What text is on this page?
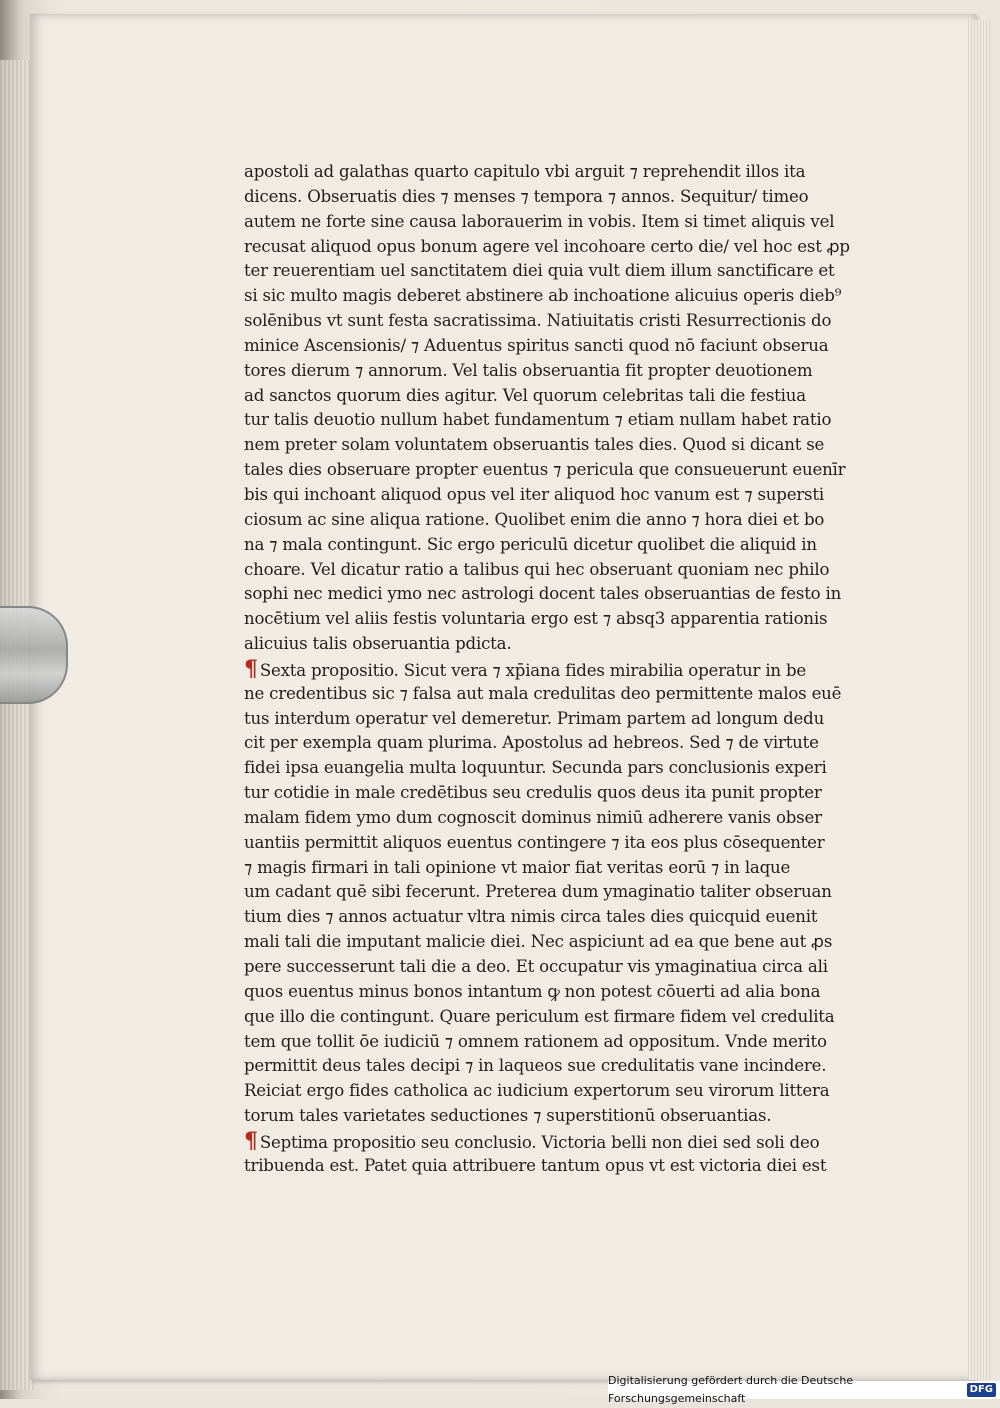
apostoli ad galathas quarto capitulo vbi arguit ⁊ reprehendit illos ita
dicens. Obseruatis dies ⁊ menses ⁊ tempora ⁊ annos. Sequitur/ timeo
autem ne forte sine causa laborauerim in vobis. Item si timet aliquis vel
recusat aliquod opus bonum agere vel incohoare certo die/ vel hoc est ꝓp
ter reuerentiam uel sanctitatem diei quia vult diem illum sanctificare et
si sic multo magis deberet abstinere ab inchoatione alicuius operis dieb⁹
solēnibus vt sunt festa sacratissima. Natiuitatis cristi Resurrectionis do
minice Ascensionis/ ⁊ Aduentus spiritus sancti quod nō faciunt obserua
tores dierum ⁊ annorum. Vel talis obseruantia fit propter deuotionem
ad sanctos quorum dies agitur. Vel quorum celebritas tali die festiua
tur talis deuotio nullum habet fundamentum ⁊ etiam nullam habet ratio
nem preter solam voluntatem obseruantis tales dies. Quod si dicant se
tales dies obseruare propter euentus ⁊ pericula que consueuerunt euenīr
bis qui inchoant aliquod opus vel iter aliquod hoc vanum est ⁊ supersti
ciosum ac sine aliqua ratione. Quolibet enim die anno ⁊ hora diei et bo
na ⁊ mala contingunt. Sic ergo periculū dicetur quolibet die aliquid in
choare. Vel dicatur ratio a talibus qui hec obseruant quoniam nec philo
sophi nec medici ymo nec astrologi docent tales obseruantias de festo in
nocētium vel aliis festis voluntaria ergo est ⁊ absq3 apparentia rationis
alicuius talis obseruantia pdicta.
¶ Sexta propositio. Sicut vera ⁊ xp̄iana fides mirabilia operatur in be
ne credentibus sic ⁊ falsa aut mala credulitas deo permittente malos euē
tus interdum operatur vel demeretur. Primam partem ad longum dedu
cit per exempla quam plurima. Apostolus ad hebreos. Sed ⁊ de virtute
fidei ipsa euangelia multa loquuntur. Secunda pars conclusionis experi
tur cotidie in male credētibus seu credulis quos deus ita punit propter
malam fidem ymo dum cognoscit dominus nimiū adherere vanis obser
uantiis permittit aliquos euentus contingere ⁊ ita eos plus cōsequenter
⁊ magis firmari in tali opinione vt maior fiat veritas eorū ⁊ in laque
um cadant quē sibi fecerunt. Preterea dum ymaginatio taliter obseruan
tium dies ⁊ annos actuatur vltra nimis circa tales dies quicquid euenit
mali tali die imputant malicie diei. Nec aspiciunt ad ea que bene aut ꝓs
pere successerunt tali die a deo. Et occupatur vis ymaginatiua circa ali
quos euentus minus bonos intantum ꝙ non potest cōuerti ad alia bona
que illo die contingunt. Quare periculum est firmare fidem vel credulita
tem que tollit ōe iudiciū ⁊ omnem rationem ad oppositum. Vnde merito
permittit deus tales decipi ⁊ in laqueos sue credulitatis vane incindere.
Reiciat ergo fides catholica ac iudicium expertorum seu virorum littera
torum tales varietates seductiones ⁊ superstitionū obseruantias.
¶ Septima propositio seu conclusio. Victoria belli non diei sed soli deo
tribuenda est. Patet quia attribuere tantum opus vt est victoria diei est
Digitalisierung gefördert durch die Deutsche Forschungsgemeinschaft
DFG
